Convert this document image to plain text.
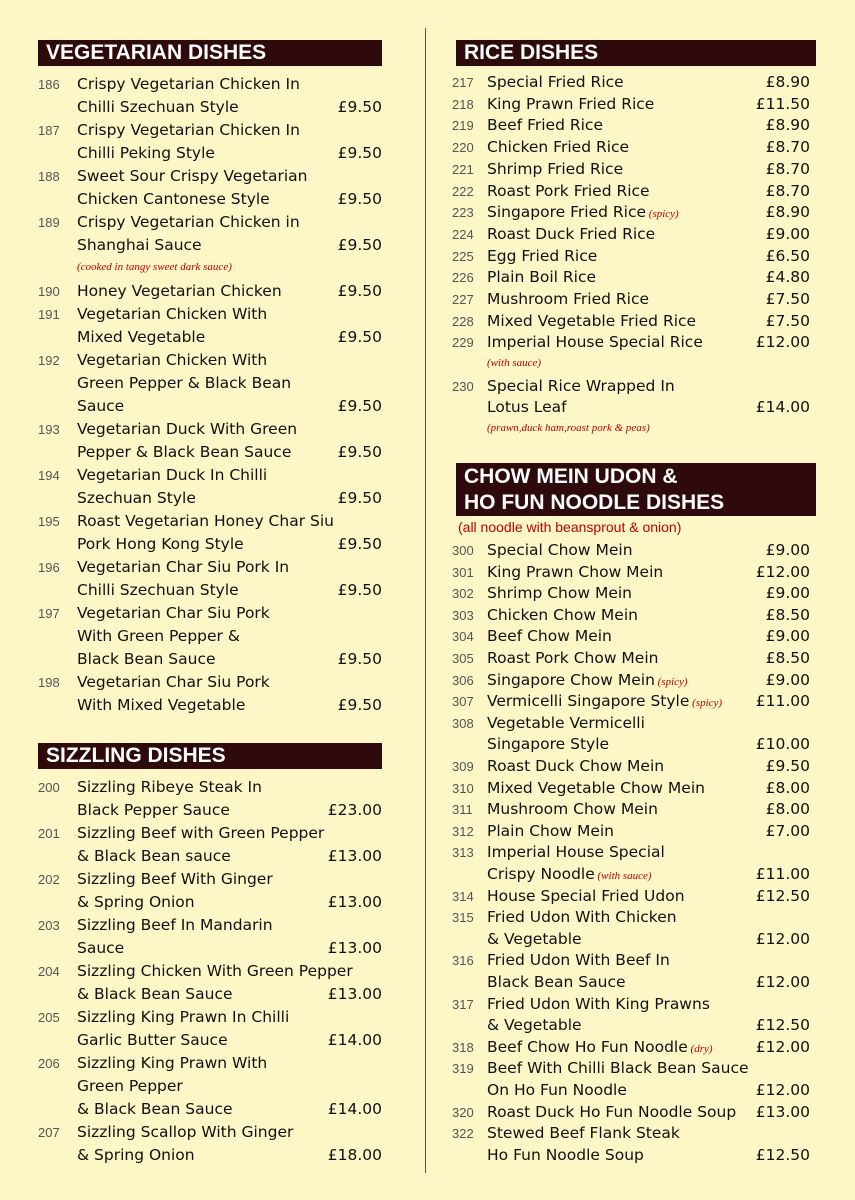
VEGETARIAN DISHES
186 Crispy Vegetarian Chicken In
Chilli Szechuan Style	£9.50
187 Crispy Vegetarian Chicken In
Chilli Peking Style	£9.50
188 Sweet Sour Crispy Vegetarian
Chicken Cantonese Style	£9.50
189 Crispy Vegetarian Chicken in
Shanghai Sauce	£9.50
(cooked in tangy sweet dark sauce)
190 Honey Vegetarian Chicken	£9.50
191 Vegetarian Chicken With
Mixed Vegetable	£9.50
192 Vegetarian Chicken With
Green Pepper & Black Bean
Sauce	£9.50
193 Vegetarian Duck With Green
Pepper & Black Bean Sauce	£9.50
194 Vegetarian Duck In Chilli
Szechuan Style	£9.50
195 Roast Vegetarian Honey Char Siu
Pork Hong Kong Style	£9.50
196 Vegetarian Char Siu Pork In
Chilli Szechuan Style	£9.50
197 Vegetarian Char Siu Pork
With Green Pepper &
Black Bean Sauce	£9.50
198 Vegetarian Char Siu Pork
With Mixed Vegetable	£9.50
SIZZLING DISHES
200 Sizzling Ribeye Steak In
Black Pepper Sauce	£23.00
201 Sizzling Beef with Green Pepper
& Black Bean sauce	£13.00
202 Sizzling Beef With Ginger
& Spring Onion	£13.00
203 Sizzling Beef In Mandarin
Sauce	£13.00
204 Sizzling Chicken With Green Pepper
& Black Bean Sauce	£13.00
205 Sizzling King Prawn In Chilli
Garlic Butter Sauce	£14.00
206 Sizzling King Prawn With
Green Pepper
& Black Bean Sauce	£14.00
207 Sizzling Scallop With Ginger
& Spring Onion	£18.00
RICE DISHES
217 Special Fried Rice	£8.90
218 King Prawn Fried Rice	£11.50
219 Beef Fried Rice	£8.90
220 Chicken Fried Rice	£8.70
221 Shrimp Fried Rice	£8.70
222 Roast Pork Fried Rice	£8.70
223 Singapore Fried Rice (spicy)	£8.90
224 Roast Duck Fried Rice	£9.00
225 Egg Fried Rice	£6.50
226 Plain Boil Rice	£4.80
227 Mushroom Fried Rice	£7.50
228 Mixed Vegetable Fried Rice	£7.50
229 Imperial House Special Rice	£12.00
(with sauce)
230 Special Rice Wrapped In
Lotus Leaf	£14.00
(prawn,duck ham,roast pork & peas)
CHOW MEIN UDON &
HO FUN NOODLE DISHES
(all noodle with beansprout & onion)
300 Special Chow Mein	£9.00
301 King Prawn Chow Mein	£12.00
302 Shrimp Chow Mein	£9.00
303 Chicken Chow Mein	£8.50
304 Beef Chow Mein	£9.00
305 Roast Pork Chow Mein	£8.50
306 Singapore Chow Mein (spicy)	£9.00
307 Vermicelli Singapore Style (spicy) £11.00
308 Vegetable Vermicelli
Singapore Style	£10.00
309 Roast Duck Chow Mein	£9.50
310 Mixed Vegetable Chow Mein	£8.00
311 Mushroom Chow Mein	£8.00
312 Plain Chow Mein	£7.00
313 Imperial House Special
Crispy Noodle (with sauce)	£11.00
314 House Special Fried Udon	£12.50
315 Fried Udon With Chicken
& Vegetable	£12.00
316 Fried Udon With Beef In
Black Bean Sauce	£12.00
317 Fried Udon With King Prawns
& Vegetable	£12.50
318 Beef Chow Ho Fun Noodle (dry)	£12.00
319 Beef With Chilli Black Bean Sauce
On Ho Fun Noodle	£12.00
320 Roast Duck Ho Fun Noodle Soup £13.00
322 Stewed Beef Flank Steak
Ho Fun Noodle Soup	£12.50
